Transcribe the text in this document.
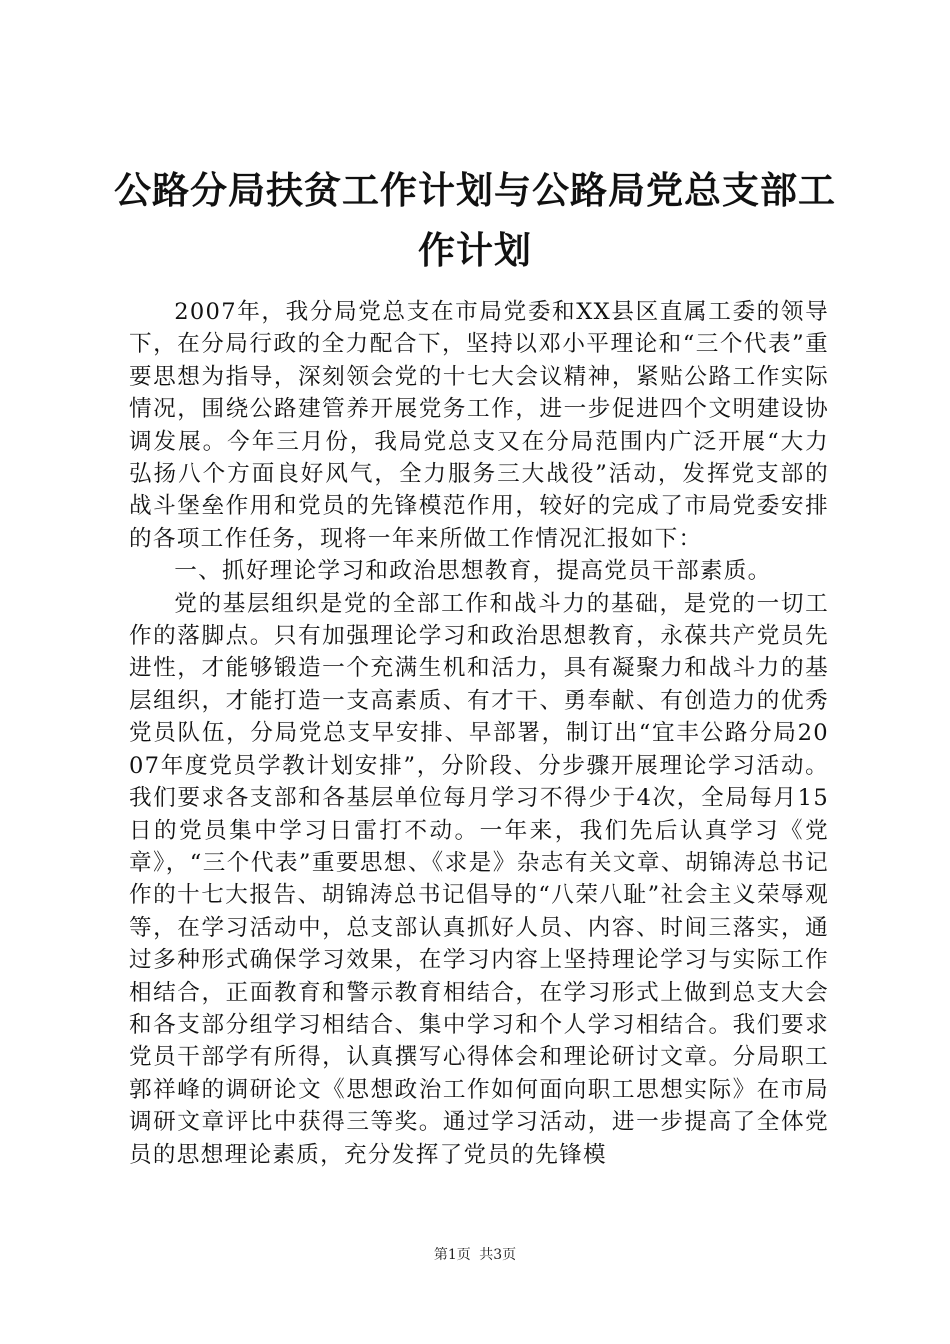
公路分局扶贫工作计划与公路局党总支部工作计划

2007年，我分局党总支在市局党委和XX县区直属工委的领导下，在分局行政的全力配合下，坚持以邓小平理论和“三个代表”重要思想为指导，深刻领会党的十七大会议精神，紧贴公路工作实际情况，围绕公路建管养开展党务工作，进一步促进四个文明建设协调发展。今年三月份，我局党总支又在分局范围内广泛开展“大力弘扬八个方面良好风气，全力服务三大战役”活动，发挥党支部的战斗堡垒作用和党员的先锋模范作用，较好的完成了市局党委安排的各项工作任务，现将一年来所做工作情况汇报如下：

一、抓好理论学习和政治思想教育，提高党员干部素质。

党的基层组织是党的全部工作和战斗力的基础，是党的一切工作的落脚点。只有加强理论学习和政治思想教育，永葆共产党员先进性，才能够锻造一个充满生机和活力，具有凝聚力和战斗力的基层组织，才能打造一支高素质、有才干、勇奉献、有创造力的优秀党员队伍，分局党总支早安排、早部署，制订出“宜丰公路分局2007年度党员学教计划安排”，分阶段、分步骤开展理论学习活动。我们要求各支部和各基层单位每月学习不得少于4次，全局每月15日的党员集中学习日雷打不动。一年来，我们先后认真学习《党章》，“三个代表”重要思想、《求是》杂志有关文章、胡锦涛总书记作的十七大报告、胡锦涛总书记倡导的“八荣八耻”社会主义荣辱观等，在学习活动中，总支部认真抓好人员、内容、时间三落实，通过多种形式确保学习效果，在学习内容上坚持理论学习与实际工作相结合，正面教育和警示教育相结合，在学习形式上做到总支大会和各支部分组学习相结合、集中学习和个人学习相结合。我们要求党员干部学有所得，认真撰写心得体会和理论研讨文章。分局职工郭祥峰的调研论文《思想政治工作如何面向职工思想实际》在市局调研文章评比中获得三等奖。通过学习活动，进一步提高了全体党员的思想理论素质，充分发挥了党员的先锋模

第1页 共3页
